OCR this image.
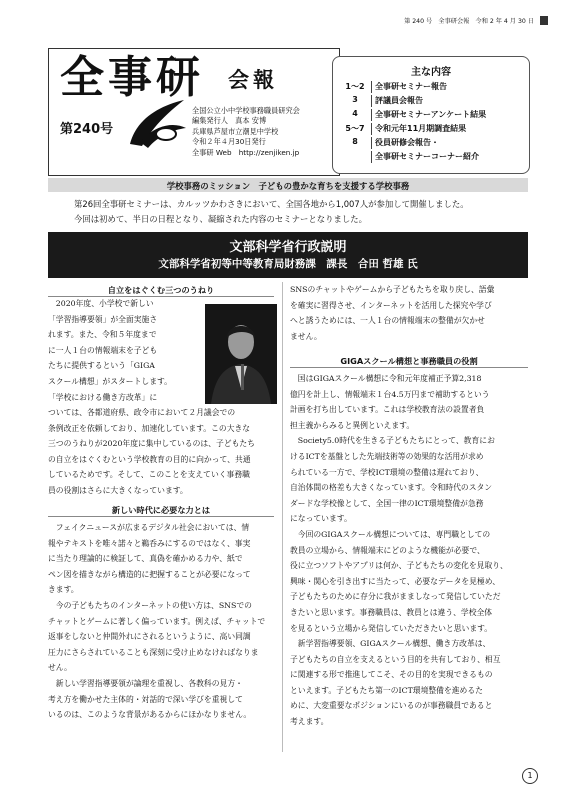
第 240 号　全事研会報　令和 2 年 4 月 30 日
全事研 会報
第240号
全国公立小中学校事務職員研究会
編集発行人　真本 安博
兵庫県芦屋市立潮見中学校
令和２年４月30日発行
全事研 Web　http://zenjiken.jp
主な内容
1～2	全事研セミナー報告
3	評議員会報告
4	全事研セミナーアンケート結果
5～7	令和元年11月期調査結果
8	役員研修会報告・
全事研セミナーコーナー紹介
学校事務のミッション　子どもの豊かな育ちを支援する学校事務
第26回全事研セミナーは、カルッツかわさきにおいて、全国各地から1,007人が参加して開催しました。
今回は初めて、半日の日程となり、凝縮された内容のセミナーとなりました。
文部科学省行政説明
文部科学省初等中等教育局財務課　課長　合田 哲雄 氏
自立をはぐくむ三つのうねり
　2020年度、小学校で新しい
「学習指導要領」が全面実施さ
れます。また、令和５年度まで
に一人１台の情報端末を子ども
たちに提供するという「GIGA
スクール構想」がスタートします。
「学校における働き方改革」に
ついては、各都道府県、政令市において２月議会での
条例改正を依頼しており、加速化しています。この大きな
三つのうねりが2020年度に集中しているのは、子どもたち
の自立をはぐくむという学校教育の目的に向かって、共通
しているためです。そして、このことを支えていく事務職
員の役割はさらに大きくなっています。
新しい時代に必要な力とは
　フェイクニュースが広まるデジタル社会においては、情
報やテキストを唯々諾々と鵜呑みにするのではなく、事実
に当たり理論的に検証して、真偽を確かめる力や、紙で
ペン図を描きながら構造的に把握することが必要になって
きます。
　今の子どもたちのインターネットの使い方は、SNSでの
チャットとゲームに著しく偏っています。例えば、チャットで
返事をしないと仲間外れにされるというように、高い同調
圧力にさらされていることも深刻に受け止めなければなりま
せん。
　新しい学習指導要領が論理を重視し、各教科の見方・
考え方を働かせた主体的・対話的で深い学びを重視して
いるのは、このような背景があるからにほかなりません。
SNSのチャットやゲームから子どもたちを取り戻し、語彙
を確実に習得させ、インターネットを活用した探究や学び
へと誘うためには、一人１台の情報端末の整備が欠かせ
ません。
GIGAスクール構想と事務職員の役割
　国はGIGAスクール構想に令和元年度補正予算2,318
億円を計上し、情報端末１台4.5万円まで補助するという
計画を打ち出しています。これは学校教育法の設置者負
担主義からみると異例といえます。
　Society5.0時代を生きる子どもたちにとって、教育にお
けるICTを基盤とした先端技術等の効果的な活用が求め
られている一方で、学校ICT環境の整備は遅れており、
自治体間の格差も大きくなっています。令和時代のスタン
ダードな学校像として、全国一律のICT環境整備が急務
になっています。
　今回のGIGAスクール構想については、専門職としての
教員の立場から、情報端末にどのような機能が必要で、
役に立つソフトやアプリは何か、子どもたちの変化を見取り、
興味・関心を引き出すに当たって、必要なデータを見極め、
子どもたちのために存分に我がまましなって発信していただ
きたいと思います。事務職員は、教員とは違う、学校全体
を見るという立場から発信していただきたいと思います。
　新学習指導要領、GIGAスクール構想、働き方改革は、
子どもたちの自立を支えるという目的を共有しており、相互
に関連する形で推進してこそ、その目的を実現できるもの
といえます。子どもたち第一のICT環境整備を進めるた
めに、大変重要なポジションにいるのが事務職員であると
考えます。
1
